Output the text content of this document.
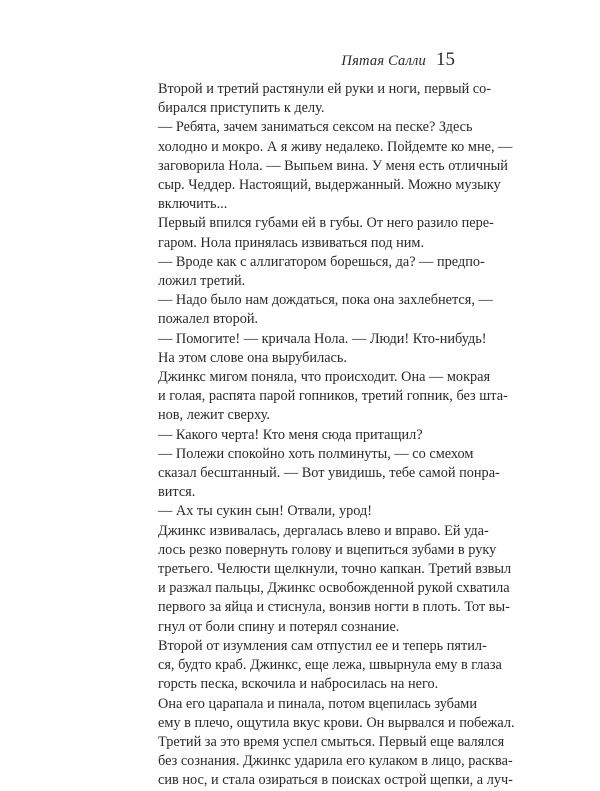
Пятая Салли 15
Второй и третий растянули ей руки и ноги, первый со-
бирался приступить к делу.
— Ребята, зачем заниматься сексом на песке? Здесь
холодно и мокро. А я живу недалеко. Пойдемте ко мне, —
заговорила Нола. — Выпьем вина. У меня есть отличный
сыр. Чеддер. Настоящий, выдержанный. Можно музыку
включить...
Первый впился губами ей в губы. От него разило пере-
гаром. Нола принялась извиваться под ним.
— Вроде как с аллигатором борешься, да? — предпо-
ложил третий.
— Надо было нам дождаться, пока она захлебнется, —
пожалел второй.
— Помогите! — кричала Нола. — Люди! Кто-нибудь!
На этом слове она вырубилась.
Джинкс мигом поняла, что происходит. Она — мокрая
и голая, распята парой гопников, третий гопник, без шта-
нов, лежит сверху.
— Какого черта! Кто меня сюда притащил?
— Полежи спокойно хоть полминуты, — со смехом
сказал бесштанный. — Вот увидишь, тебе самой понра-
вится.
— Ах ты сукин сын! Отвали, урод!
Джинкс извивалась, дергалась влево и вправо. Ей уда-
лось резко повернуть голову и вцепиться зубами в руку
третьего. Челюсти щелкнули, точно капкан. Третий взвыл
и разжал пальцы, Джинкс освобожденной рукой схватила
первого за яйца и стиснула, вонзив ногти в плоть. Тот вы-
гнул от боли спину и потерял сознание.
Второй от изумления сам отпустил ее и теперь пятил-
ся, будто краб. Джинкс, еще лежа, швырнула ему в глаза
горсть песка, вскочила и набросилась на него.
Она его царапала и пинала, потом вцепилась зубами
ему в плечо, ощутила вкус крови. Он вырвался и побежал.
Третий за это время успел смыться. Первый еще валялся
без сознания. Джинкс ударила его кулаком в лицо, расква-
сив нос, и стала озираться в поисках острой щепки, а луч-
